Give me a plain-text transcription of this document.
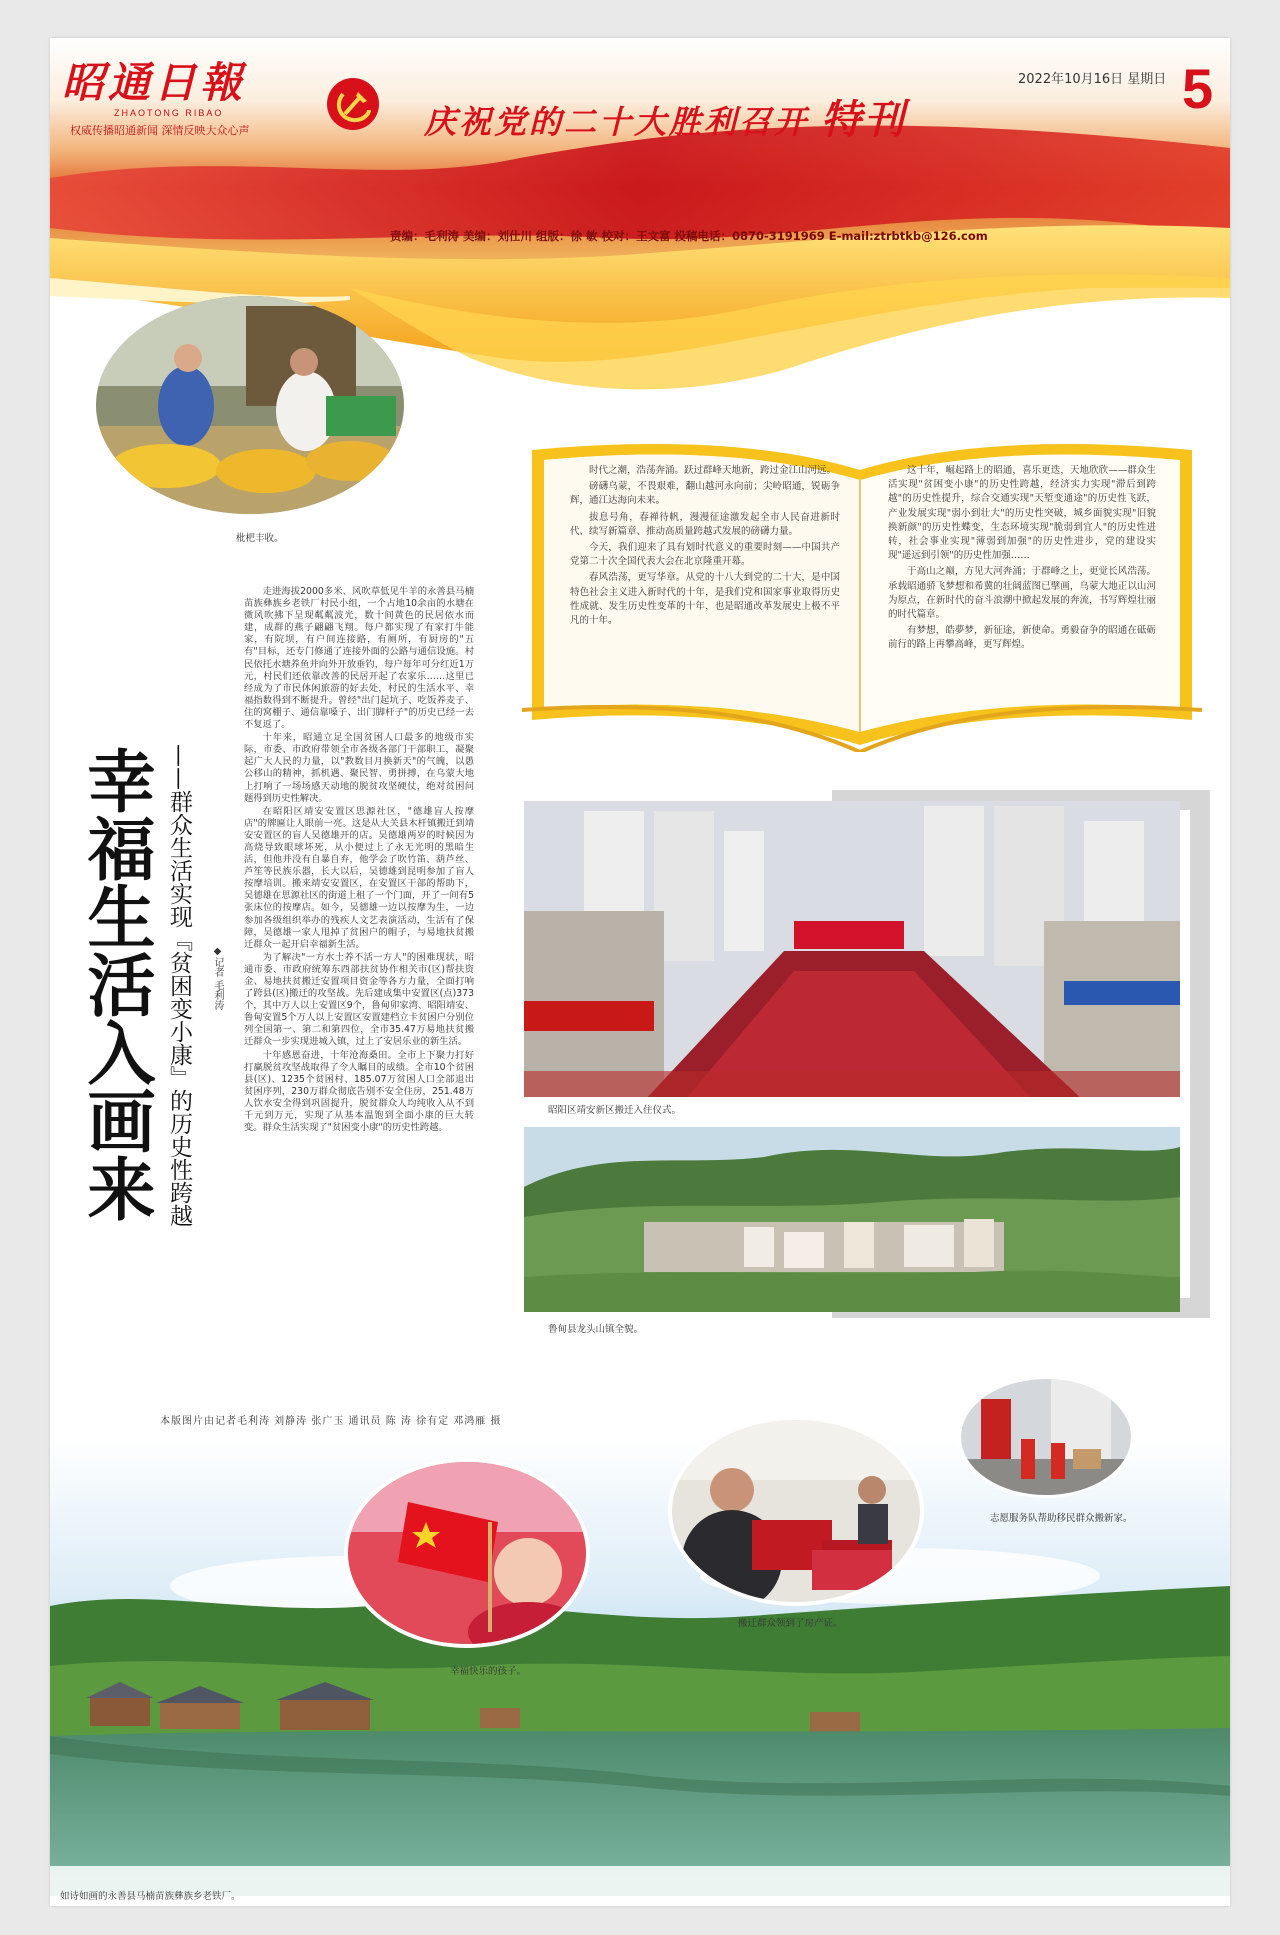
昭通日報
ZHAOTONG RIBAO
权威传播昭通新闻 深情反映大众心声	庆祝党的二十大胜利召开 特刊
2022年10月16日 星期日 5
责编：毛利涛 美编：刘仕川 组版：徐 敏 校对：王文富 投稿电话：0870-3191969 E-mail:ztrbtkb@126.com
枇杷丰收。

时代之潮，浩荡奔涌。跃过群峰天地新，跨过金江山河远。

磅礴乌蒙，不畏艰难，翻山越河永向前；尖岭昭通，锐砺争辉，通江达海向未来。

拔息号角，春禅待帆，漫漫征途激发起全市人民奋进新时代、续写新篇章、推动高质量跨越式发展的磅礴力量。

今天，我们迎来了具有划时代意义的重要时刻——中国共产党第二十次全国代表大会在北京隆重开幕。

春风浩荡，更写华章。从党的十八大到党的二十大，是中国特色社会主义进入新时代的十年，是我们党和国家事业取得历史性成就、发生历史性变革的十年，也是昭通改革发展史上极不平凡的十年。

这十年，崛起路上的昭通，喜乐更迭，天地欣欣——群众生活实现"贫困变小康"的历史性跨越，经济实力实现"滞后到跨越"的历史性提升，综合交通实现"天堑变通途"的历史性飞跃，产业发展实现"弱小到壮大"的历史性突破，城乡面貌实现"旧貌换新颜"的历史性蝶变，生态环境实现"脆弱到宜人"的历史性进转，社会事业实现"薄弱到加强"的历史性进步，党的建设实现"遥远到引领"的历史性加强……

于高山之巅，方见大河奔涌；于群峰之上，更觉长风浩荡。承载昭通骄飞梦想和希冀的壮阔蓝图已擘画，乌蒙大地正以山河为原点，在新时代的奋斗浪潮中掀起发展的奔流，书写辉煌壮丽的时代篇章。

有梦想，皓夢梦，新征途，新使命。勇毅奋争的昭通在砥砺前行的路上再攀高峰，更写辉煌。

幸福生活入画来 ——群众生活实现『贫困变小康』的历史性跨越 ◆记者 毛利涛

走进海拔2000多米、风吹草低见牛羊的永善县马楠苗族彝族乡老铁厂村民小组，一个占地10余亩的水塘在微风吹拂下呈现粼粼波光，数十间黄色的民居依水而建，成群的燕子翩翩飞翔。每户都实现了有家打牛能家，有院坝，有户间连接路，有厕所，有厨房的"五有"目标，还专门修通了连接外面的公路与通信设施。村民依托水塘养鱼并向外开放垂钓，每户每年可分红近1万元，村民们还依靠改善的民居开起了农家乐……这里已经成为了市民休闲旅游的好去处，村民的生活水平、幸福指数得到不断提升。曾经"出门起坑子、吃饭养麦子、住的窝棚子、通信靠嗓子、出门脚杆子"的历史已经一去不复返了。

十年来，昭通立足全国贫困人口最多的地级市实际，市委、市政府带领全市各级各部门干部职工，凝聚起广大人民的力量，以"教数目月换新天"的气魄，以愚公移山的精神，抓机遇、聚民智、勇拼搏，在乌蒙大地上打响了一场场感天动地的脱贫攻坚硬仗，绝对贫困问题得到历史性解决。

在昭阳区靖安安置区思源社区，"德雄盲人按摩店"的牌匾让人眼前一亮。这是从大关县木杆镇搬迁到靖安安置区的盲人吴德雄开的店。吴德雄两岁的时候因为高烧导致眼球坏死，从小便过上了永无光明的黑暗生活，但他并没有自暴自弃，他学会了吹竹笛、葫芦丝、芦笙等民族乐器，长大以后，吴德雄到昆明参加了盲人按摩培训。搬来靖安安置区，在安置区干部的帮助下，吴德雄在思源社区的街道上租了一个门面，开了一间有5张床位的按摩店。如今，吴德雄一边以按摩为生，一边参加各级组织举办的残疾人文艺表演活动，生活有了保障，吴德雄一家人甩掉了贫困户的帽子，与易地扶贫搬迁群众一起开启幸福新生活。

为了解决"一方水土养不活一方人"的困难现状，昭通市委、市政府统筹东西部扶贫协作相关市(区)帮扶资金、易地扶贫搬迁安置项目资金等各方力量，全面打响了跨县(区)搬迁的攻坚战。先后建成集中安置区(点)373个，其中万人以上安置区9个，鲁甸卯家湾、昭阳靖安、鲁甸安置5个万人以上安置区安置建档立卡贫困户分别位列全国第一、第二和第四位，全市35.47万易地扶贫搬迁群众一步实现进城入镇，过上了安居乐业的新生活。

十年感恩奋进，十年沧海桑田。全市上下聚力打好打赢脱贫攻坚战取得了令人瞩目的成绩。全市10个贫困县(区)、1235个贫困村、185.07万贫困人口全部退出贫困序列，230万群众彻底告别不安全住房，251.48万人饮水安全得到巩固提升，脱贫群众人均纯收入从不到千元到万元，实现了从基本温饱到全面小康的巨大转变。群众生活实现了"贫困变小康"的历史性跨越。

昭阳区靖安新区搬迁入住仪式。
鲁甸县龙头山镇全貌。
本版图片由记者毛利涛 刘静涛 张广玉 通讯员 陈 涛 徐有定 邓鸿雁 摄
如诗如画的永善县马楠苗族彝族乡老铁厂。
幸福快乐的孩子。
搬迁群众领到了房产证。
志愿服务队帮助移民群众搬新家。
